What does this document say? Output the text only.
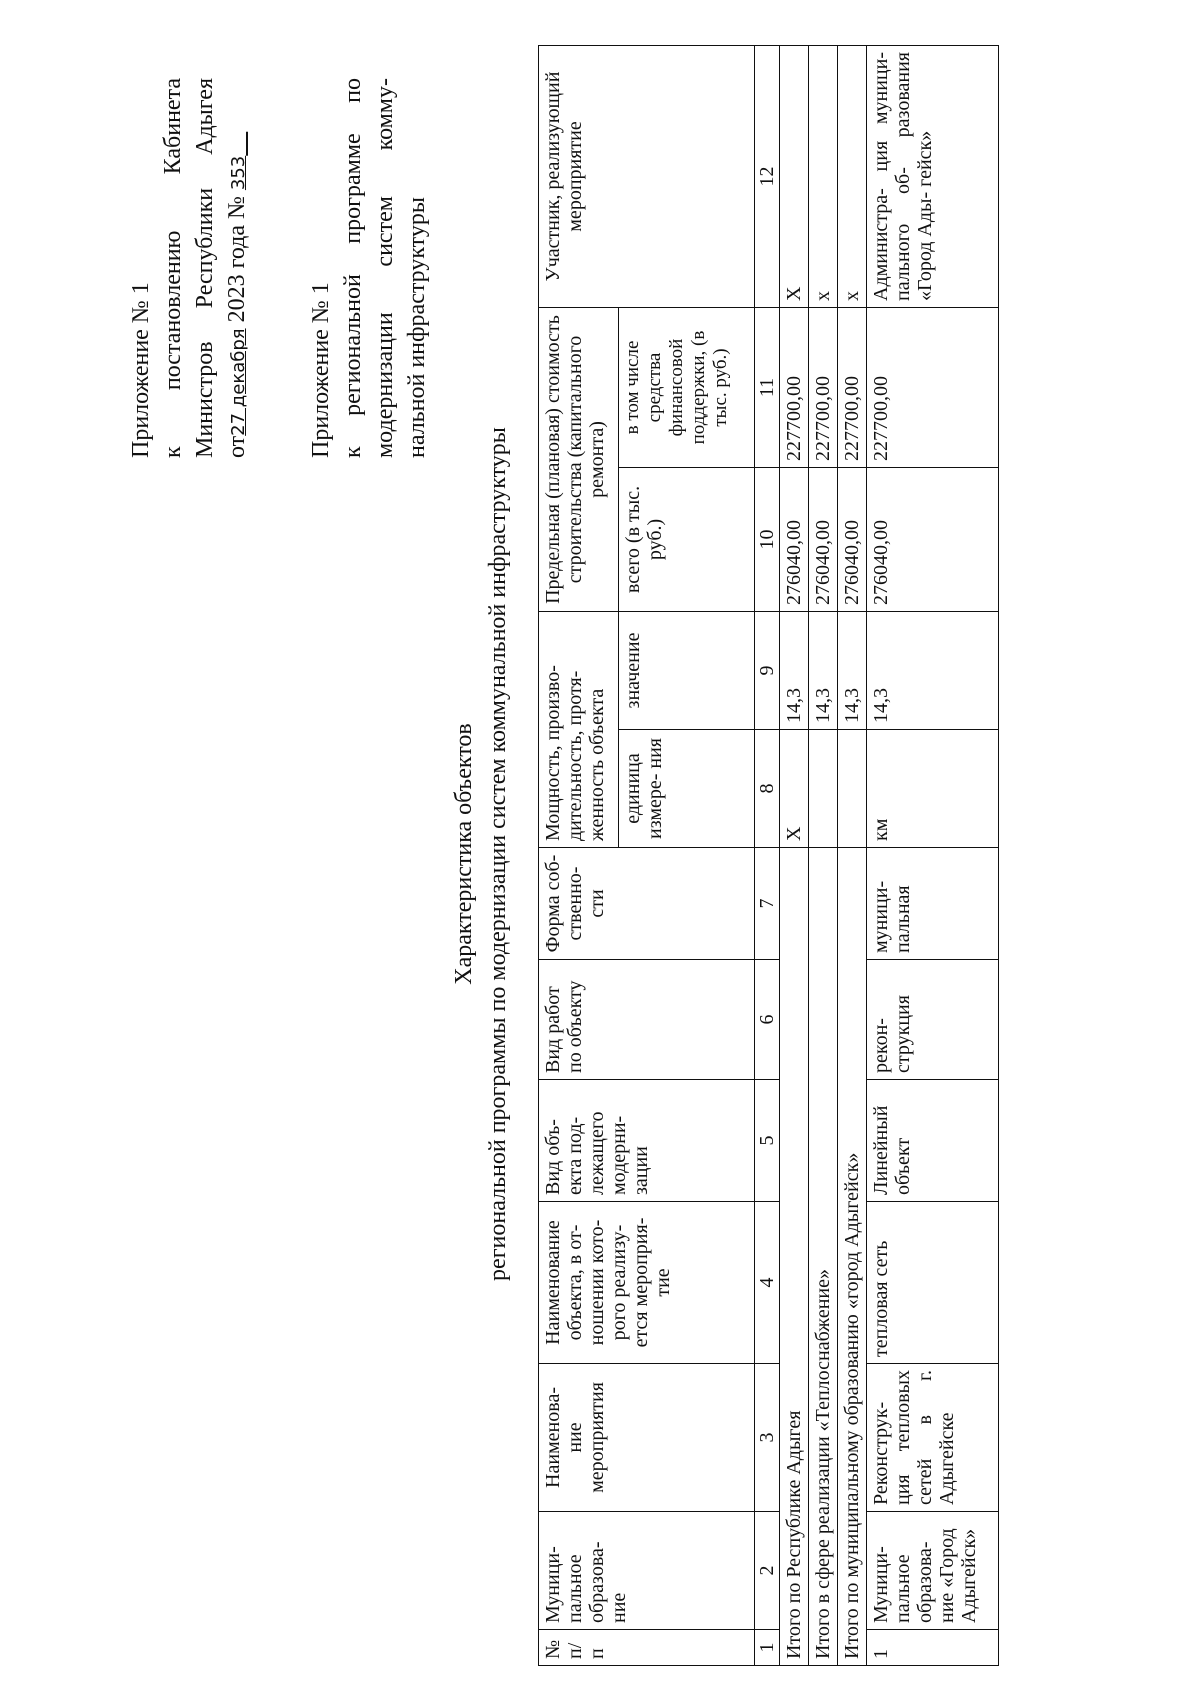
Приложение № 1 к постановлению Кабинета Министров Республики Адыгея от27 декабря 2023 года № 353
Приложение № 1 к региональной программе по модернизации систем комму- нальной инфраструктуры
Характеристика объектов региональной программы по модернизации систем коммунальной инфраструктуры
№ п/п	Муници- пальное образова- ние	Наименова- ние мероприятия	Наименование объекта, в от- ношении кото- рого реализу- ется мероприя- тие	Вид объ- екта под- лежащего модерни- зации	Вид работ по объекту	Форма соб- ственно- сти	Мощность, произво- дительность, протя- женность объекта		Предельная (плановая) стоимость строительства (капитального ремонта)		Участник, реализующий мероприятие
							единица измере- ния	значение	всего (в тыс. руб.)	в том числе средства финансовой поддержки, (в тыс. руб.)	
1	2	3	4	5	6	7	8	9	10	11	12
Итого по Республике Адыгея							Х	14,3	276040,00	227700,00	Х
Итого в сфере реализации «Теплоснабжение»								14,3	276040,00	227700,00	х
Итого по муниципальному образованию «город Адыгейск»								14,3	276040,00	227700,00	х
1	Муници- пальное образова- ние «Город Адыгейск»	Реконструк- ция тепловых сетей в г. Адыгейске	тепловая сеть	Линейный объект	рекон- струкция	муници- пальная	км	14,3	276040,00	227700,00	Администра- ция муници- пального об- разования «Город Ады- гейск»
